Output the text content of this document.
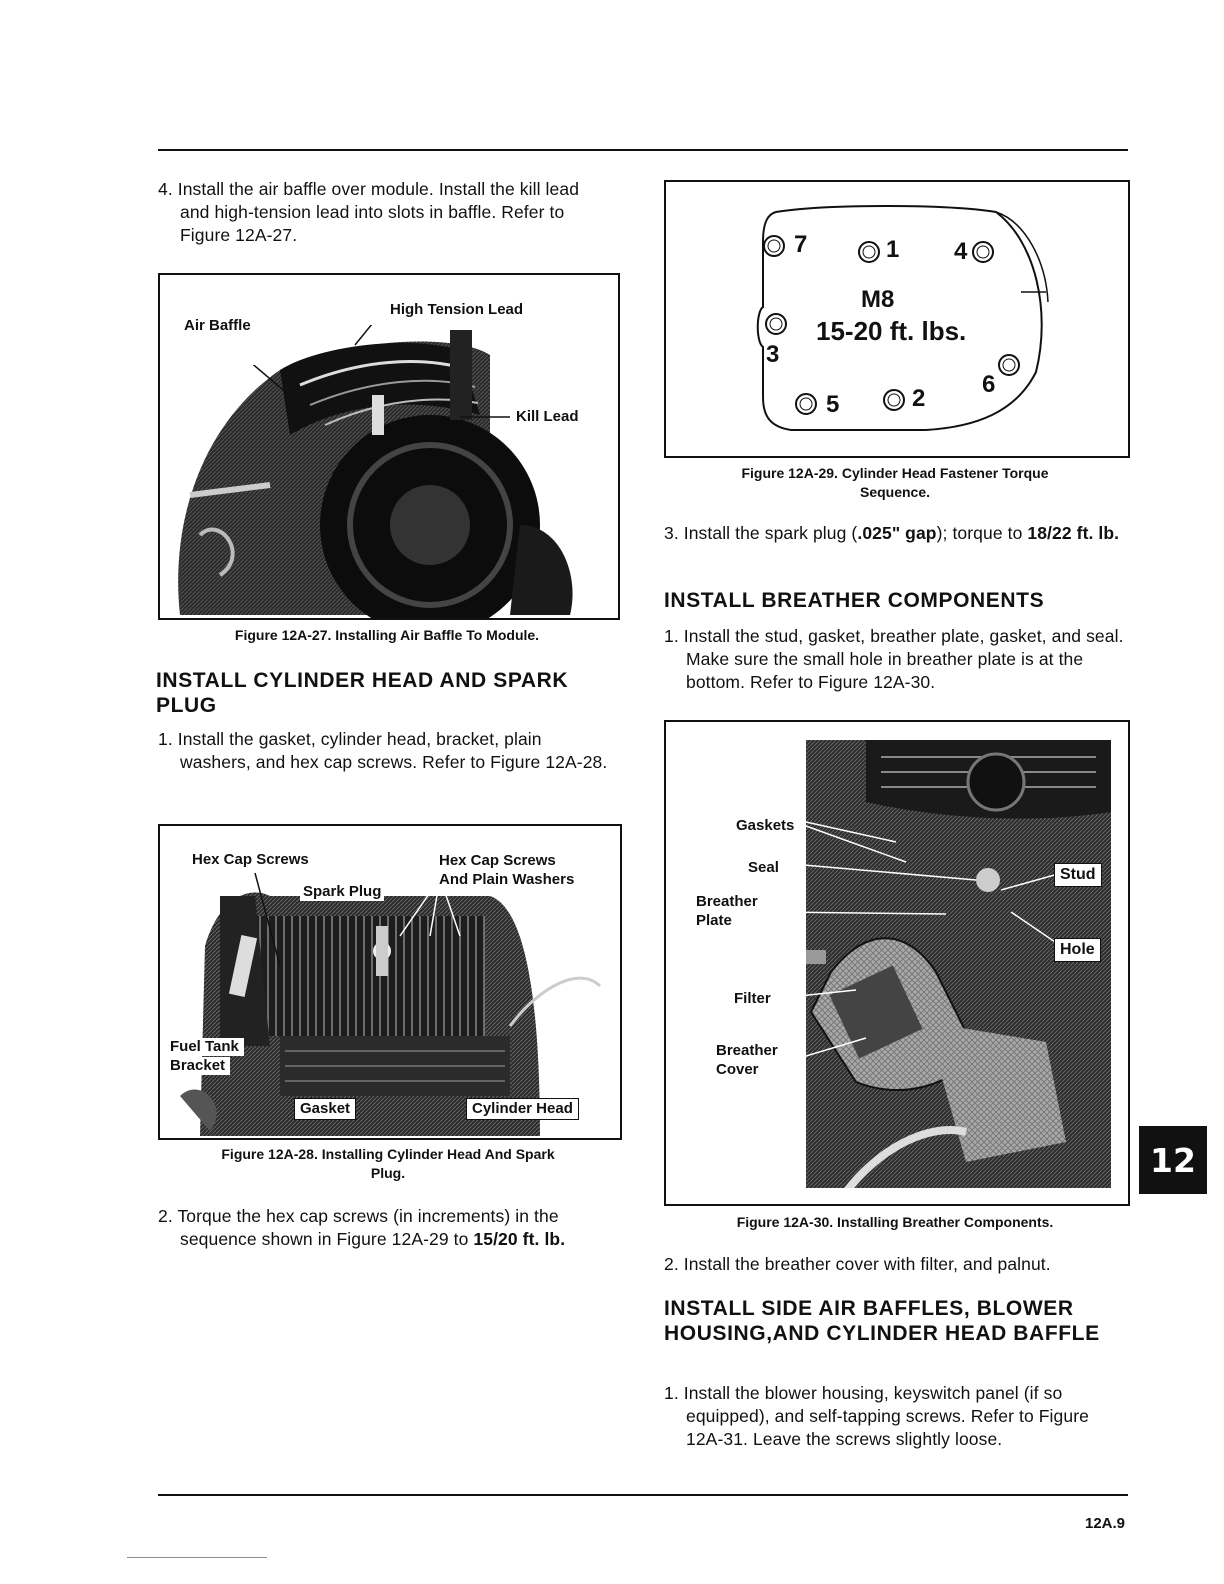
4. Install the air baffle over module. Install the kill lead and high-tension lead into slots in baffle. Refer to Figure 12A-27.

Air Baffle
High Tension Lead
Kill Lead
Figure 12A-27. Installing Air Baffle To Module.
INSTALL CYLINDER HEAD AND SPARK PLUG

1. Install the gasket, cylinder head, bracket, plain washers, and hex cap screws. Refer to Figure 12A-28.

Hex Cap Screws	Hex Cap Screws
And Plain Washers
Spark Plug
Fuel Tank
Bracket
Gasket	Cylinder Head
Figure 12A-28. Installing Cylinder Head And Spark
Plug.

2. Torque the hex cap screws (in increments) in the sequence shown in Figure 12A-29 to 15/20 ft. lb.

7	1 4
3
6
5	2
M8
15-20 ft. lbs.
Figure 12A-29. Cylinder Head Fastener Torque
Sequence.

3. Install the spark plug (.025" gap); torque to 18/22 ft. lb.

INSTALL BREATHER COMPONENTS

1. Install the stud, gasket, breather plate, gasket, and seal. Make sure the small hole in breather plate is at the bottom. Refer to Figure 12A-30.

Gaskets
Seal
Breather
Plate
Filter
Breather
Cover
Stud
Hole
Figure 12A-30. Installing Breather Components.

2. Install the breather cover with filter, and palnut.

INSTALL SIDE AIR BAFFLES, BLOWER HOUSING,AND CYLINDER HEAD BAFFLE

1. Install the blower housing, keyswitch panel (if so equipped), and self-tapping screws. Refer to Figure 12A-31. Leave the screws slightly loose.

12
12A.9
